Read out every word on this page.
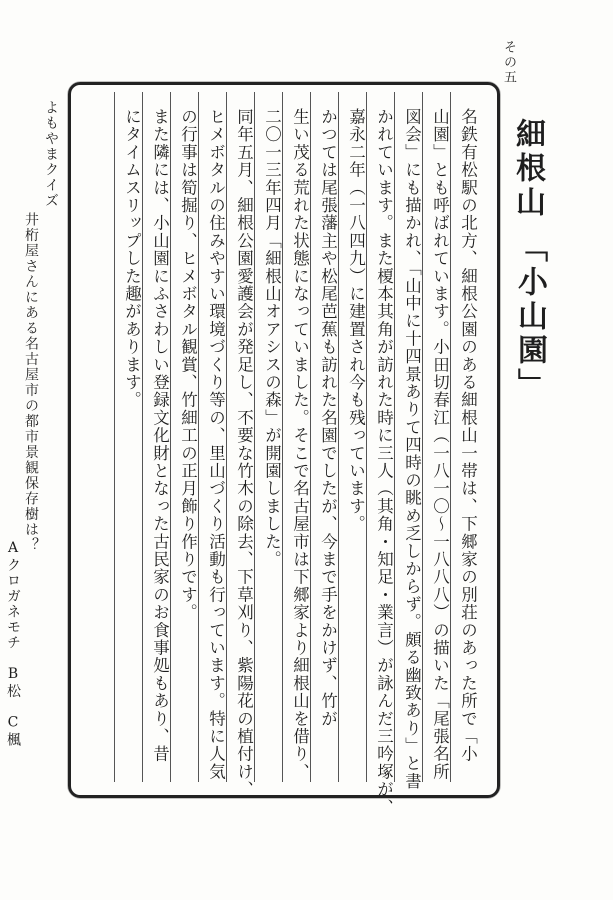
その五
細根山
「小山園」
名鉄有松駅の北方、細根公園のある細根山一帯は、下郷家の別荘のあった所で「小
山園」とも呼ばれています。小田切春江（一八一〇〜一八八八）の描いた「尾張名所
図会」にも描かれ、「山中に十四景ありて四時の眺め乏しからず。頗る幽致あり」と書
かれています。また榎本其角が訪れた時に三人（其角・知足・業言）が詠んだ三吟塚が、
嘉永二年（一八四九）に建置され今も残っています。
かつては尾張藩主や松尾芭蕉も訪れた名園でしたが、今まで手をかけず、竹が
生い茂る荒れた状態になっていました。そこで名古屋市は下郷家より細根山を借り、
二〇一三年四月「細根山オアシスの森」が開園しました。
同年五月、細根公園愛護会が発足し、不要な竹木の除去、下草刈り、紫陽花の植付け、
ヒメボタルの住みやすい環境づくり等の、里山づくり活動も行っています。特に人気
の行事は筍掘り、ヒメボタル観賞、竹細工の正月飾り作りです。
また隣には、小山園にふさわしい登録文化財となった古民家のお食事処もあり、昔
にタイムスリップした趣があります。
よもやまクイズ
井桁屋さんにある名古屋市の都市景観保存樹は？
Aクロガネモチ　B松　C楓
